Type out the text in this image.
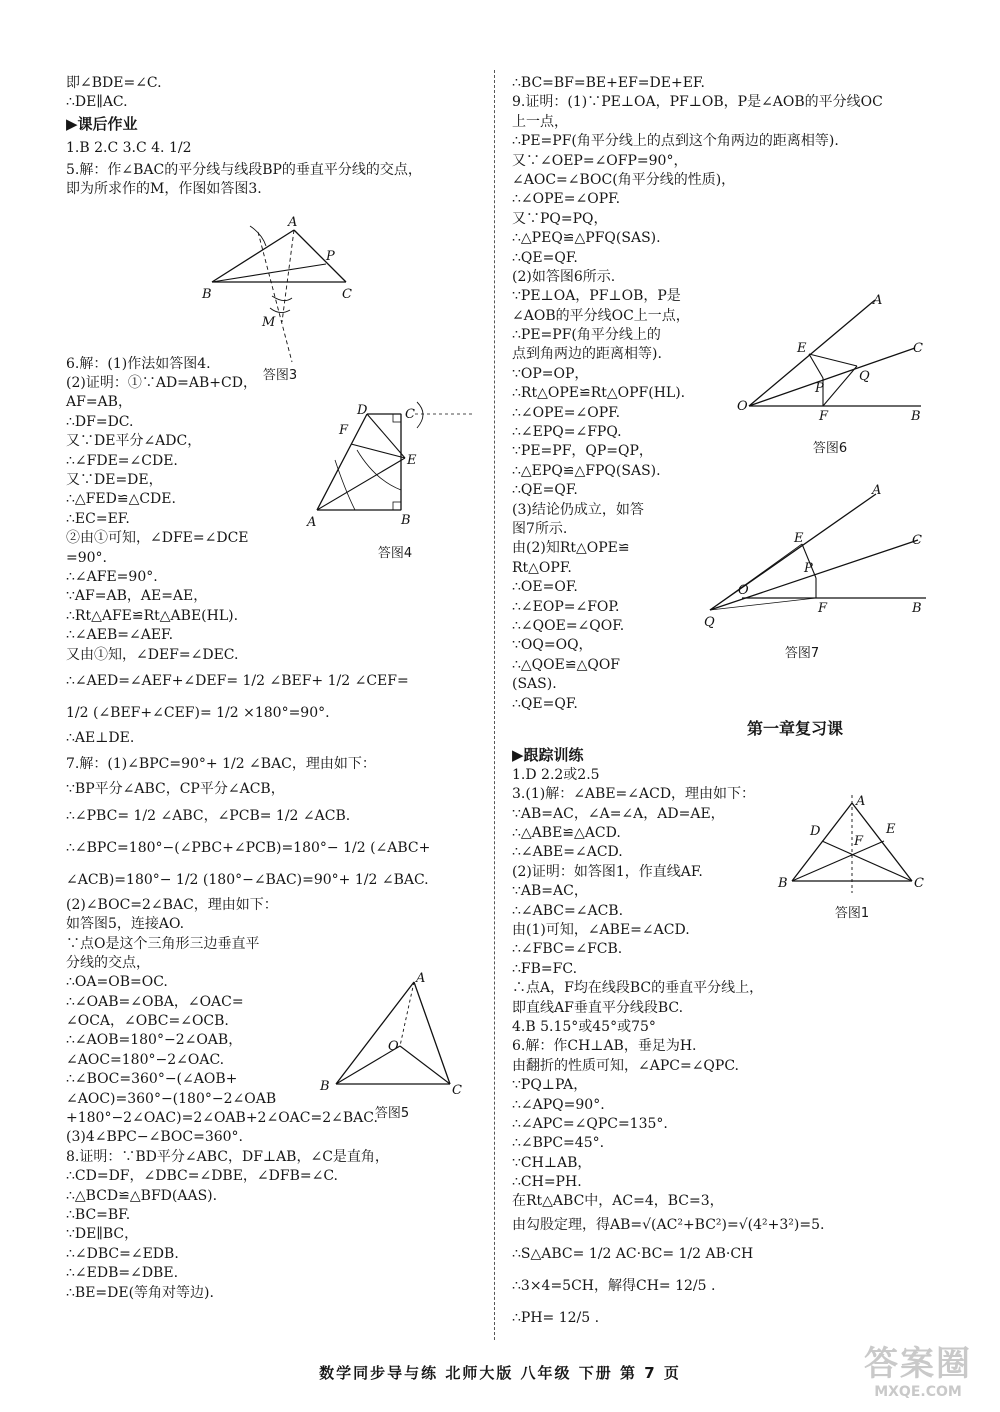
即∠BDE=∠C.
∴DE∥AC.
▶课后作业
1.B 2.C 3.C 4. 1/2
5.解：作∠BAC的平分线与线段BP的垂直平分线的交点，
即为所求作的M，作图如答图3.
6.解：(1)作法如答图4.
(2)证明：①∵AD=AB+CD，
AF=AB，
∴DF=DC.
又∵DE平分∠ADC，
∴∠FDE=∠CDE.
又∵DE=DE，
∴△FED≌△CDE.
∴EC=EF.
②由①可知，∠DFE=∠DCE
=90°.
∴∠AFE=90°.
∵AF=AB，AE=AE，
∴Rt△AFE≌Rt△ABE(HL).
∴∠AEB=∠AEF.
又由①知，∠DEF=∠DEC.
∴∠AED=∠AEF+∠DEF= 1/2 ∠BEF+ 1/2 ∠CEF=
1/2 (∠BEF+∠CEF)= 1/2 ×180°=90°.
∴AE⊥DE.
7.解：(1)∠BPC=90°+ 1/2 ∠BAC，理由如下：
∵BP平分∠ABC，CP平分∠ACB，
∴∠PBC= 1/2 ∠ABC，∠PCB= 1/2 ∠ACB.
∴∠BPC=180°−(∠PBC+∠PCB)=180°− 1/2 (∠ABC+
∠ACB)=180°− 1/2 (180°−∠BAC)=90°+ 1/2 ∠BAC.
(2)∠BOC=2∠BAC，理由如下：
如答图5，连接AO.
∵点O是这个三角形三边垂直平
分线的交点，
∴OA=OB=OC.
∴∠OAB=∠OBA，∠OAC=
∠OCA，∠OBC=∠OCB.
∴∠AOB=180°−2∠OAB，
∠AOC=180°−2∠OAC.
∴∠BOC=360°−(∠AOB+
∠AOC)=360°−(180°−2∠OAB
+180°−2∠OAC)=2∠OAB+2∠OAC=2∠BAC.
(3)4∠BPC−∠BOC=360°.
8.证明：∵BD平分∠ABC，DF⊥AB，∠C是直角，
∴CD=DF，∠DBC=∠DBE，∠DFB=∠C.
∴△BCD≌△BFD(AAS).
∴BC=BF.
∵DE∥BC，
∴∠DBC=∠EDB.
∴∠EDB=∠DBE.
∴BE=DE(等角对等边).
∴BC=BF=BE+EF=DE+EF.
9.证明：(1)∵PE⊥OA，PF⊥OB，P是∠AOB的平分线OC
上一点，
∴PE=PF(角平分线上的点到这个角两边的距离相等).
又∵∠OEP=∠OFP=90°，
∠AOC=∠BOC(角平分线的性质)，
∴∠OPE=∠OPF.
又∵PQ=PQ，
∴△PEQ≌△PFQ(SAS).
∴QE=QF.
(2)如答图6所示.
∵PE⊥OA，PF⊥OB，P是
∠AOB的平分线OC上一点，
∴PE=PF(角平分线上的
点到角两边的距离相等).
∵OP=OP，
∴Rt△OPE≌Rt△OPF(HL).
∴∠OPE=∠OPF.
∴∠EPQ=∠FPQ.
∵PE=PF，QP=QP，
∴△EPQ≌△FPQ(SAS).
∴QE=QF.
(3)结论仍成立，如答
图7所示.
由(2)知Rt△OPE≌
Rt△OPF.
∴OE=OF.
∴∠EOP=∠FOP.
∴∠QOE=∠QOF.
∵OQ=OQ，
∴△QOE≌△QOF
(SAS).
∴QE=QF.
第一章复习课
▶跟踪训练
1.D 2.2或2.5
3.(1)解：∠ABE=∠ACD，理由如下：
∵AB=AC，∠A=∠A，AD=AE，
∴△ABE≌△ACD.
∴∠ABE=∠ACD.
(2)证明：如答图1，作直线AF.
∵AB=AC，
∴∠ABC=∠ACB.
由(1)可知，∠ABE=∠ACD.
∴∠FBC=∠FCB.
∴FB=FC.
∴点A，F均在线段BC的垂直平分线上，
即直线AF垂直平分线段BC.
4.B 5.15°或45°或75°
6.解：作CH⊥AB，垂足为H.
由翻折的性质可知，∠APC=∠QPC.
∵PQ⊥PA，
∴∠APQ=90°.
∴∠APC=∠QPC=135°.
∴∠BPC=45°.
∵CH⊥AB，
∴CH=PH.
在Rt△ABC中，AC=4，BC=3，
由勾股定理，得AB=√(AC²+BC²)=√(4²+3²)=5.
∴S△ABC= 1/2 AC·BC= 1/2 AB·CH
∴3×4=5CH，解得CH= 12/5 .
∴PH= 12/5 .
A
P
B	C
M
答图3
D	C
F
E
A	B
答图4
A
O
B	C
答图5
A
E	C
P
Q
O
F	B
答图6
A
E	C
P
O
F	B
Q
答图7
A
D	E
F
B	C
答图1
数学同步导与练 北师大版 八年级 下册 第 7 页	答案圈
MXQE.COM
